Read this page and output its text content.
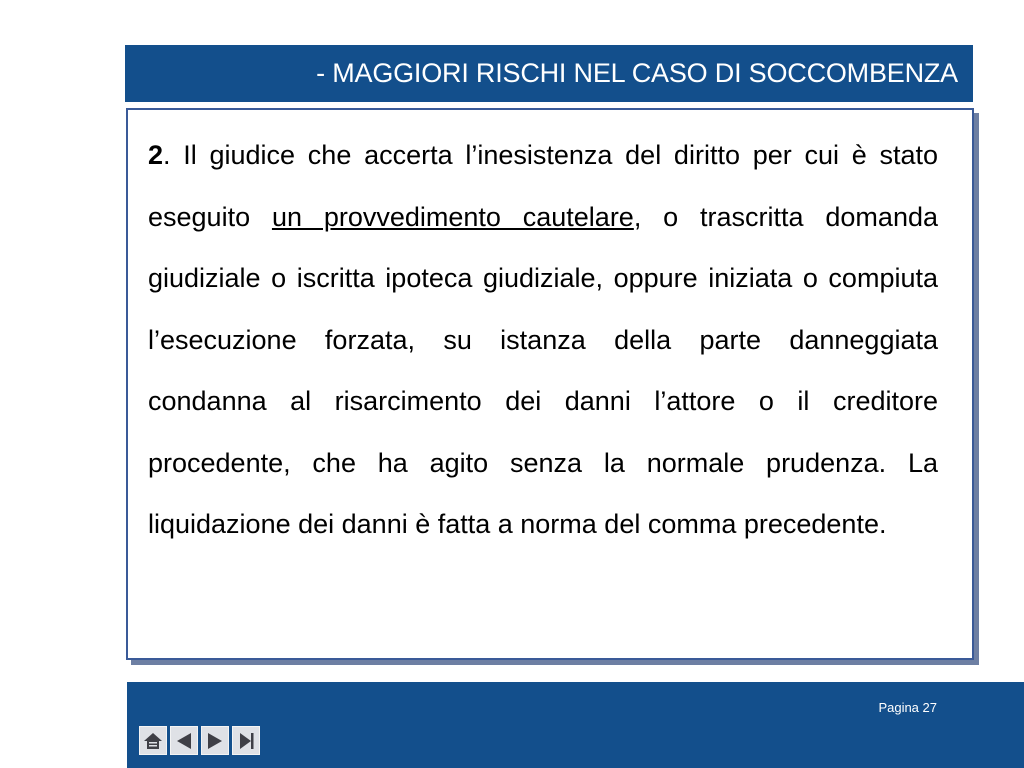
- MAGGIORI RISCHI NEL CASO DI SOCCOMBENZA
2. Il giudice che accerta l’inesistenza del diritto per cui è stato eseguito un provvedimento cautelare, o trascritta domanda giudiziale o iscritta ipoteca giudiziale, oppure iniziata o compiuta l’esecuzione forzata, su istanza della parte danneggiata condanna al risarcimento dei danni l’attore o il creditore procedente, che ha agito senza la normale prudenza. La liquidazione dei danni è fatta a norma del comma precedente.
Pagina 27
